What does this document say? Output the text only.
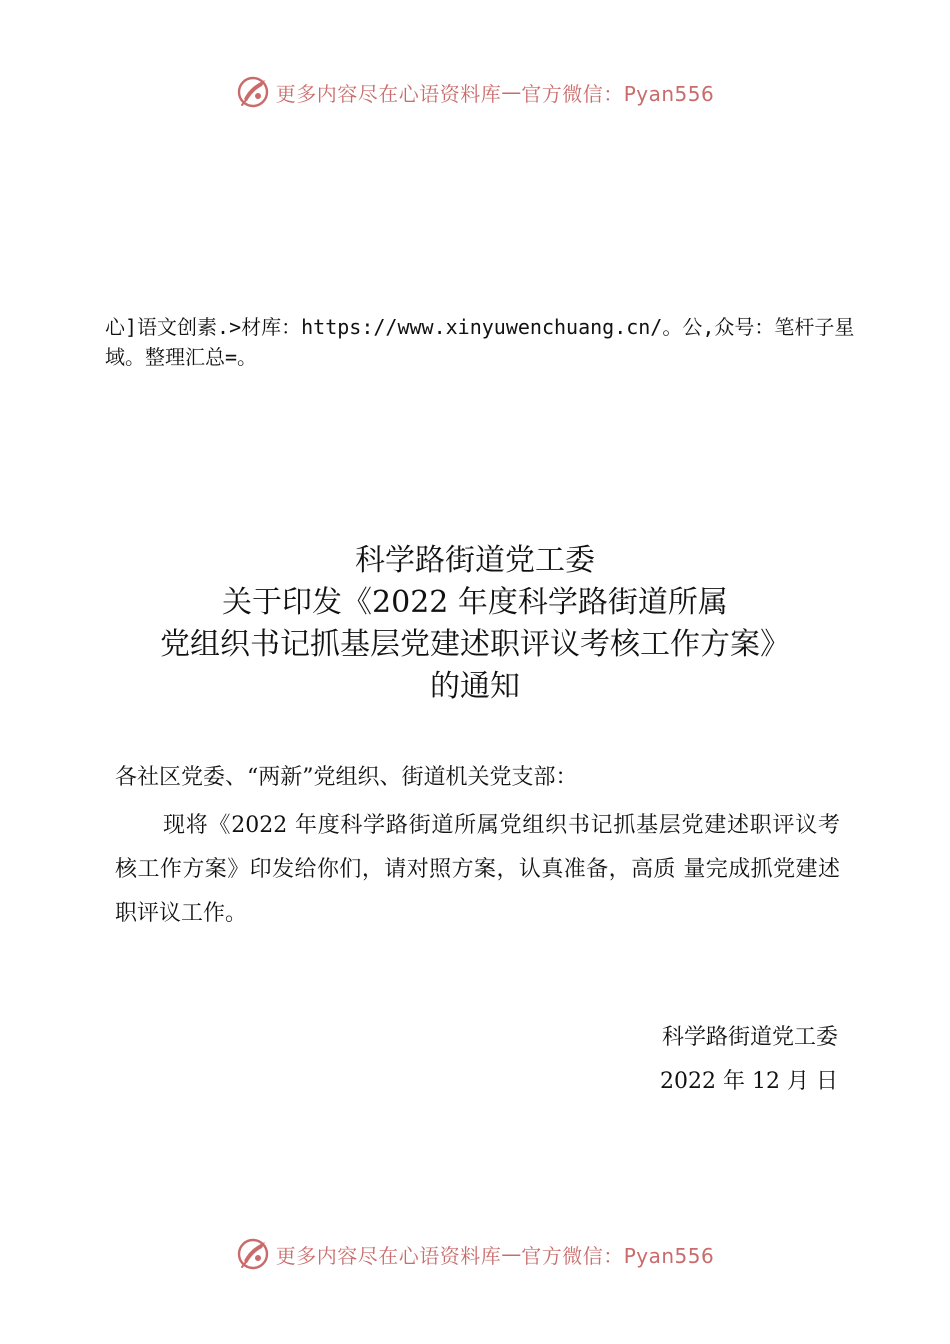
更多内容尽在心语资料库 — 官方微信：Pyan556
心]语文创素.>材库：https://www.xinyuwenchuang.cn/。公,众号：笔杆子星域。整理汇总=。
科学路街道党工委
关于印发《2022 年度科学路街道所属
党组织书记抓基层党建述职评议考核工作方案》
的通知
各社区党委、“两新”党组织、街道机关党支部：
现将《2022 年度科学路街道所属党组织书记抓基层党建述职评议考核工作方案》印发给你们，请对照方案，认真准备，高质 量完成抓党建述职评议工作。
科学路街道党工委
2022 年 12 月 日
更多内容尽在心语资料库 — 官方微信：Pyan556
